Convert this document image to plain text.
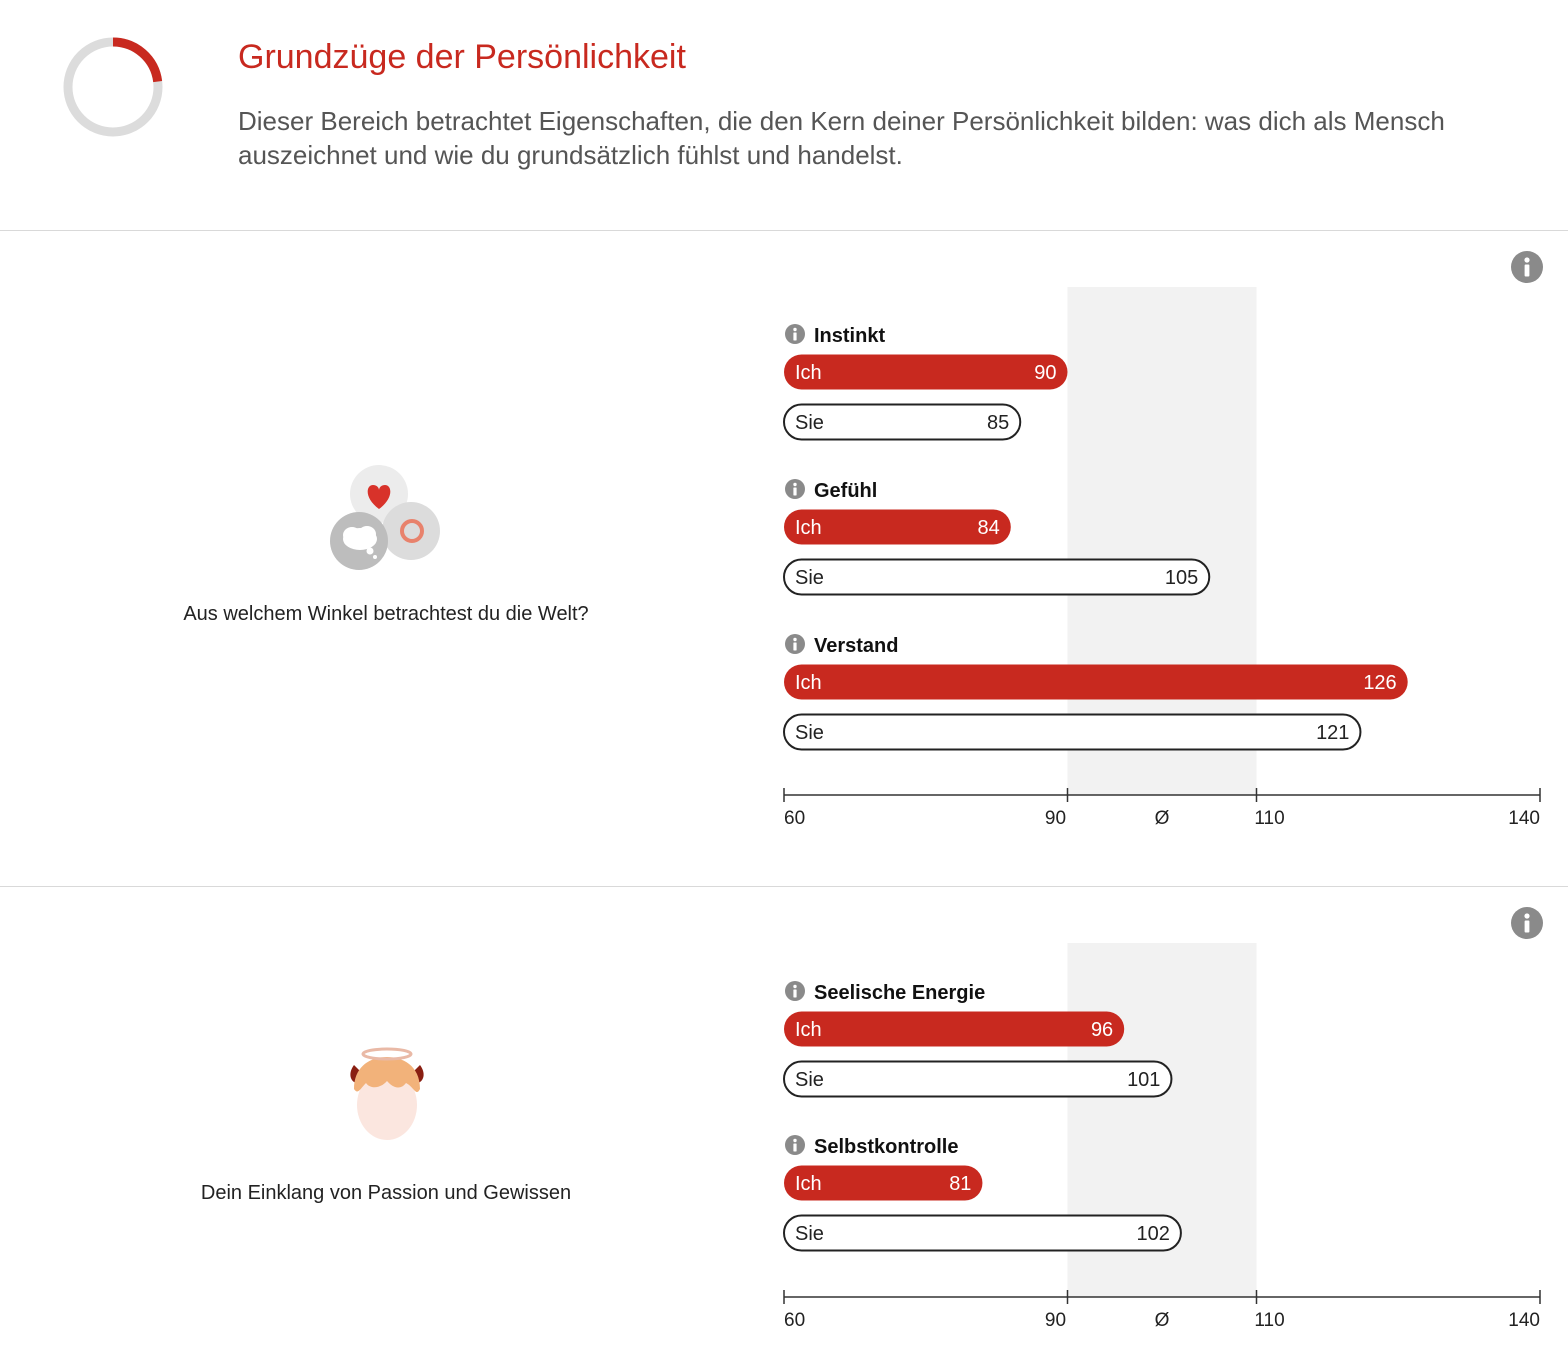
Grundzüge der Persönlichkeit
Dieser Bereich betrachtet Eigenschaften, die den Kern deiner Persönlichkeit bilden: was dich als Mensch auszeichnet und wie du grundsätzlich fühlst und handelst.
Aus welchem Winkel betrachtest du die Welt?
Instinkt
Ich	90
Sie	85
Gefühl
Ich	84
Sie	105
Verstand
Ich	126
Sie	121
60	90	Ø	110	140
Dein Einklang von Passion und Gewissen
Seelische Energie
Ich	96
Sie	101
Selbstkontrolle
Ich	81
Sie	102
60	90	Ø	110	140
